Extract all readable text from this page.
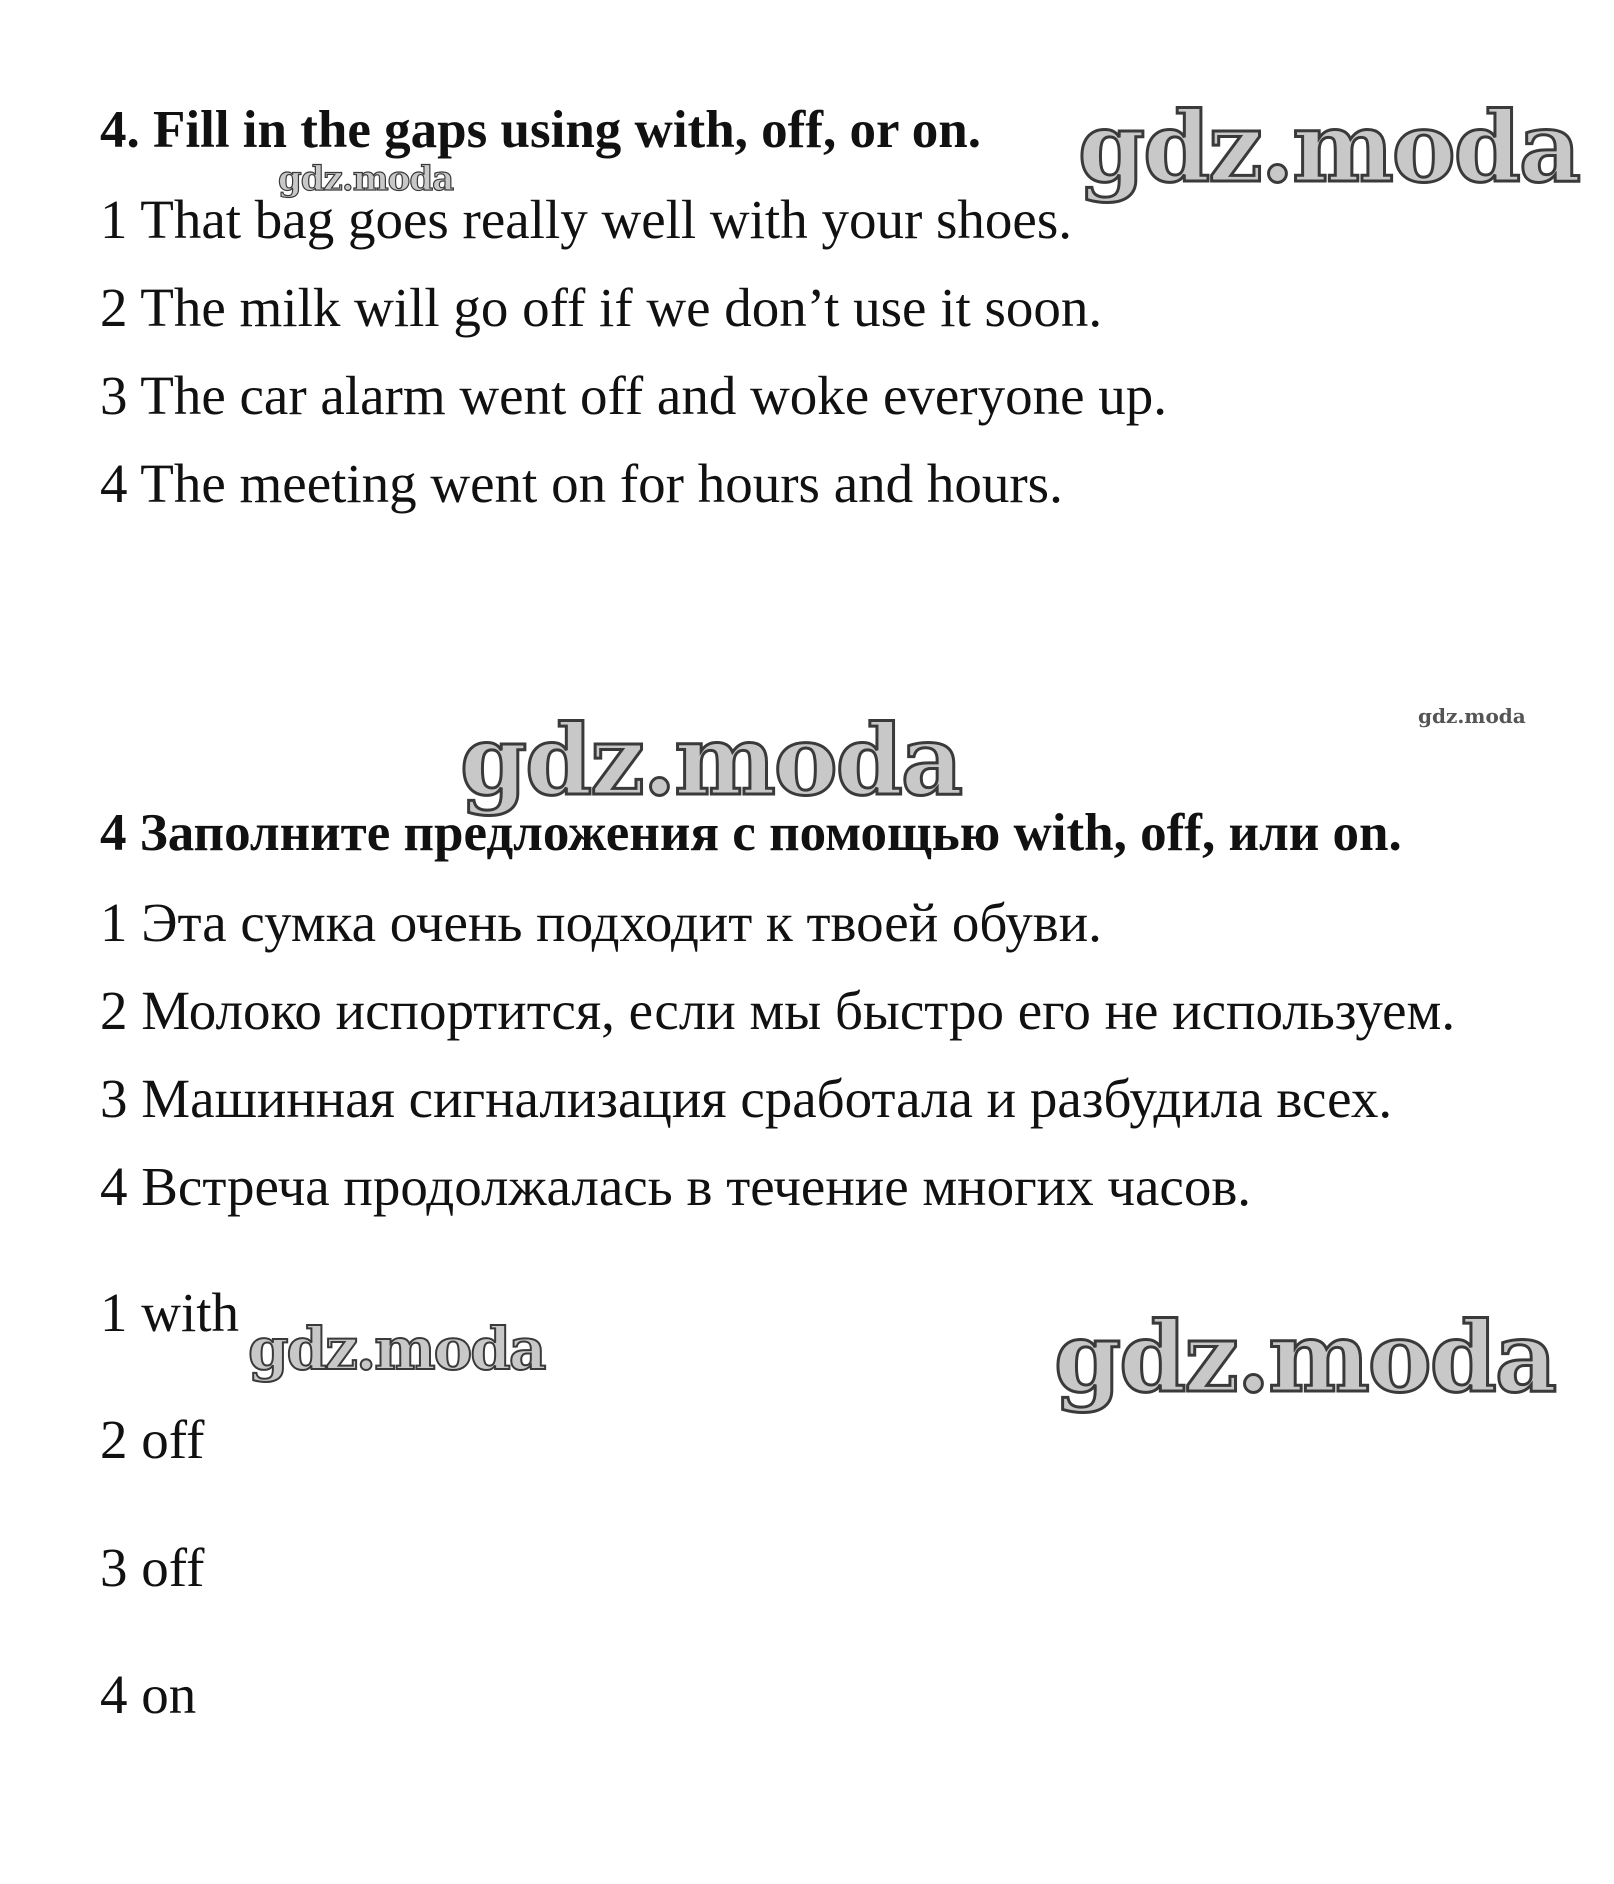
4. Fill in the gaps using with, off, or on.
1 That bag goes really well with your shoes.
2 The milk will go off if we don’t use it soon.
3 The car alarm went off and woke everyone up.
4 The meeting went on for hours and hours.
4 Заполните предложения с помощью with, off, или on.
1 Эта сумка очень подходит к твоей обуви.
2 Молоко испортится, если мы быстро его не используем.
3 Машинная сигнализация сработала и разбудила всех.
4 Встреча продолжалась в течение многих часов.
1 with
2 off
3 off
4 on
gdz.moda
gdz.moda
gdz.moda
gdz.moda
gdz.moda	gdz.moda
